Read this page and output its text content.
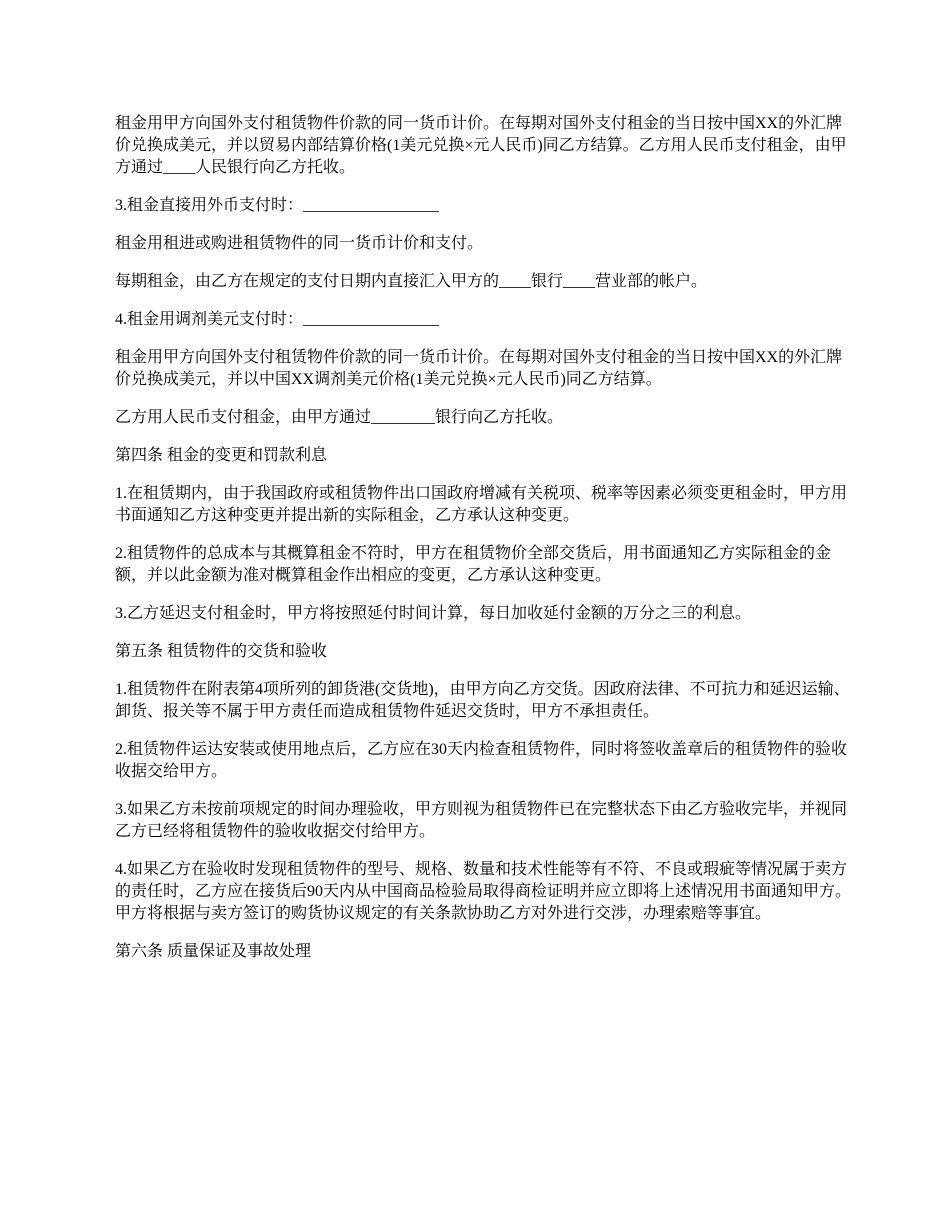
租金用甲方向国外支付租赁物件价款的同一货币计价。在每期对国外支付租金的当日按中国XX的外汇牌价兑换成美元，并以贸易内部结算价格(1美元兑换×元人民币)同乙方结算。乙方用人民币支付租金，由甲方通过____人民银行向乙方托收。

3.租金直接用外币支付时：_________________

租金用租进或购进租赁物件的同一货币计价和支付。

每期租金，由乙方在规定的支付日期内直接汇入甲方的____银行____营业部的帐户。

4.租金用调剂美元支付时：_________________

租金用甲方向国外支付租赁物件价款的同一货币计价。在每期对国外支付租金的当日按中国XX的外汇牌价兑换成美元，并以中国XX调剂美元价格(1美元兑换×元人民币)同乙方结算。

乙方用人民币支付租金，由甲方通过________银行向乙方托收。

第四条 租金的变更和罚款利息

1.在租赁期内，由于我国政府或租赁物件出口国政府增减有关税项、税率等因素必须变更租金时，甲方用书面通知乙方这种变更并提出新的实际租金，乙方承认这种变更。

2.租赁物件的总成本与其概算租金不符时，甲方在租赁物价全部交货后，用书面通知乙方实际租金的金额，并以此金额为准对概算租金作出相应的变更，乙方承认这种变更。

3.乙方延迟支付租金时，甲方将按照延付时间计算，每日加收延付金额的万分之三的利息。

第五条 租赁物件的交货和验收

1.租赁物件在附表第4项所列的卸货港(交货地)，由甲方向乙方交货。因政府法律、不可抗力和延迟运输、卸货、报关等不属于甲方责任而造成租赁物件延迟交货时，甲方不承担责任。

2.租赁物件运达安装或使用地点后，乙方应在30天内检查租赁物件，同时将签收盖章后的租赁物件的验收收据交给甲方。

3.如果乙方未按前项规定的时间办理验收，甲方则视为租赁物件已在完整状态下由乙方验收完毕，并视同乙方已经将租赁物件的验收收据交付给甲方。

4.如果乙方在验收时发现租赁物件的型号、规格、数量和技术性能等有不符、不良或瑕疵等情况属于卖方的责任时，乙方应在接货后90天内从中国商品检验局取得商检证明并应立即将上述情况用书面通知甲方。甲方将根据与卖方签订的购货协议规定的有关条款协助乙方对外进行交涉，办理索赔等事宜。

第六条 质量保证及事故处理
